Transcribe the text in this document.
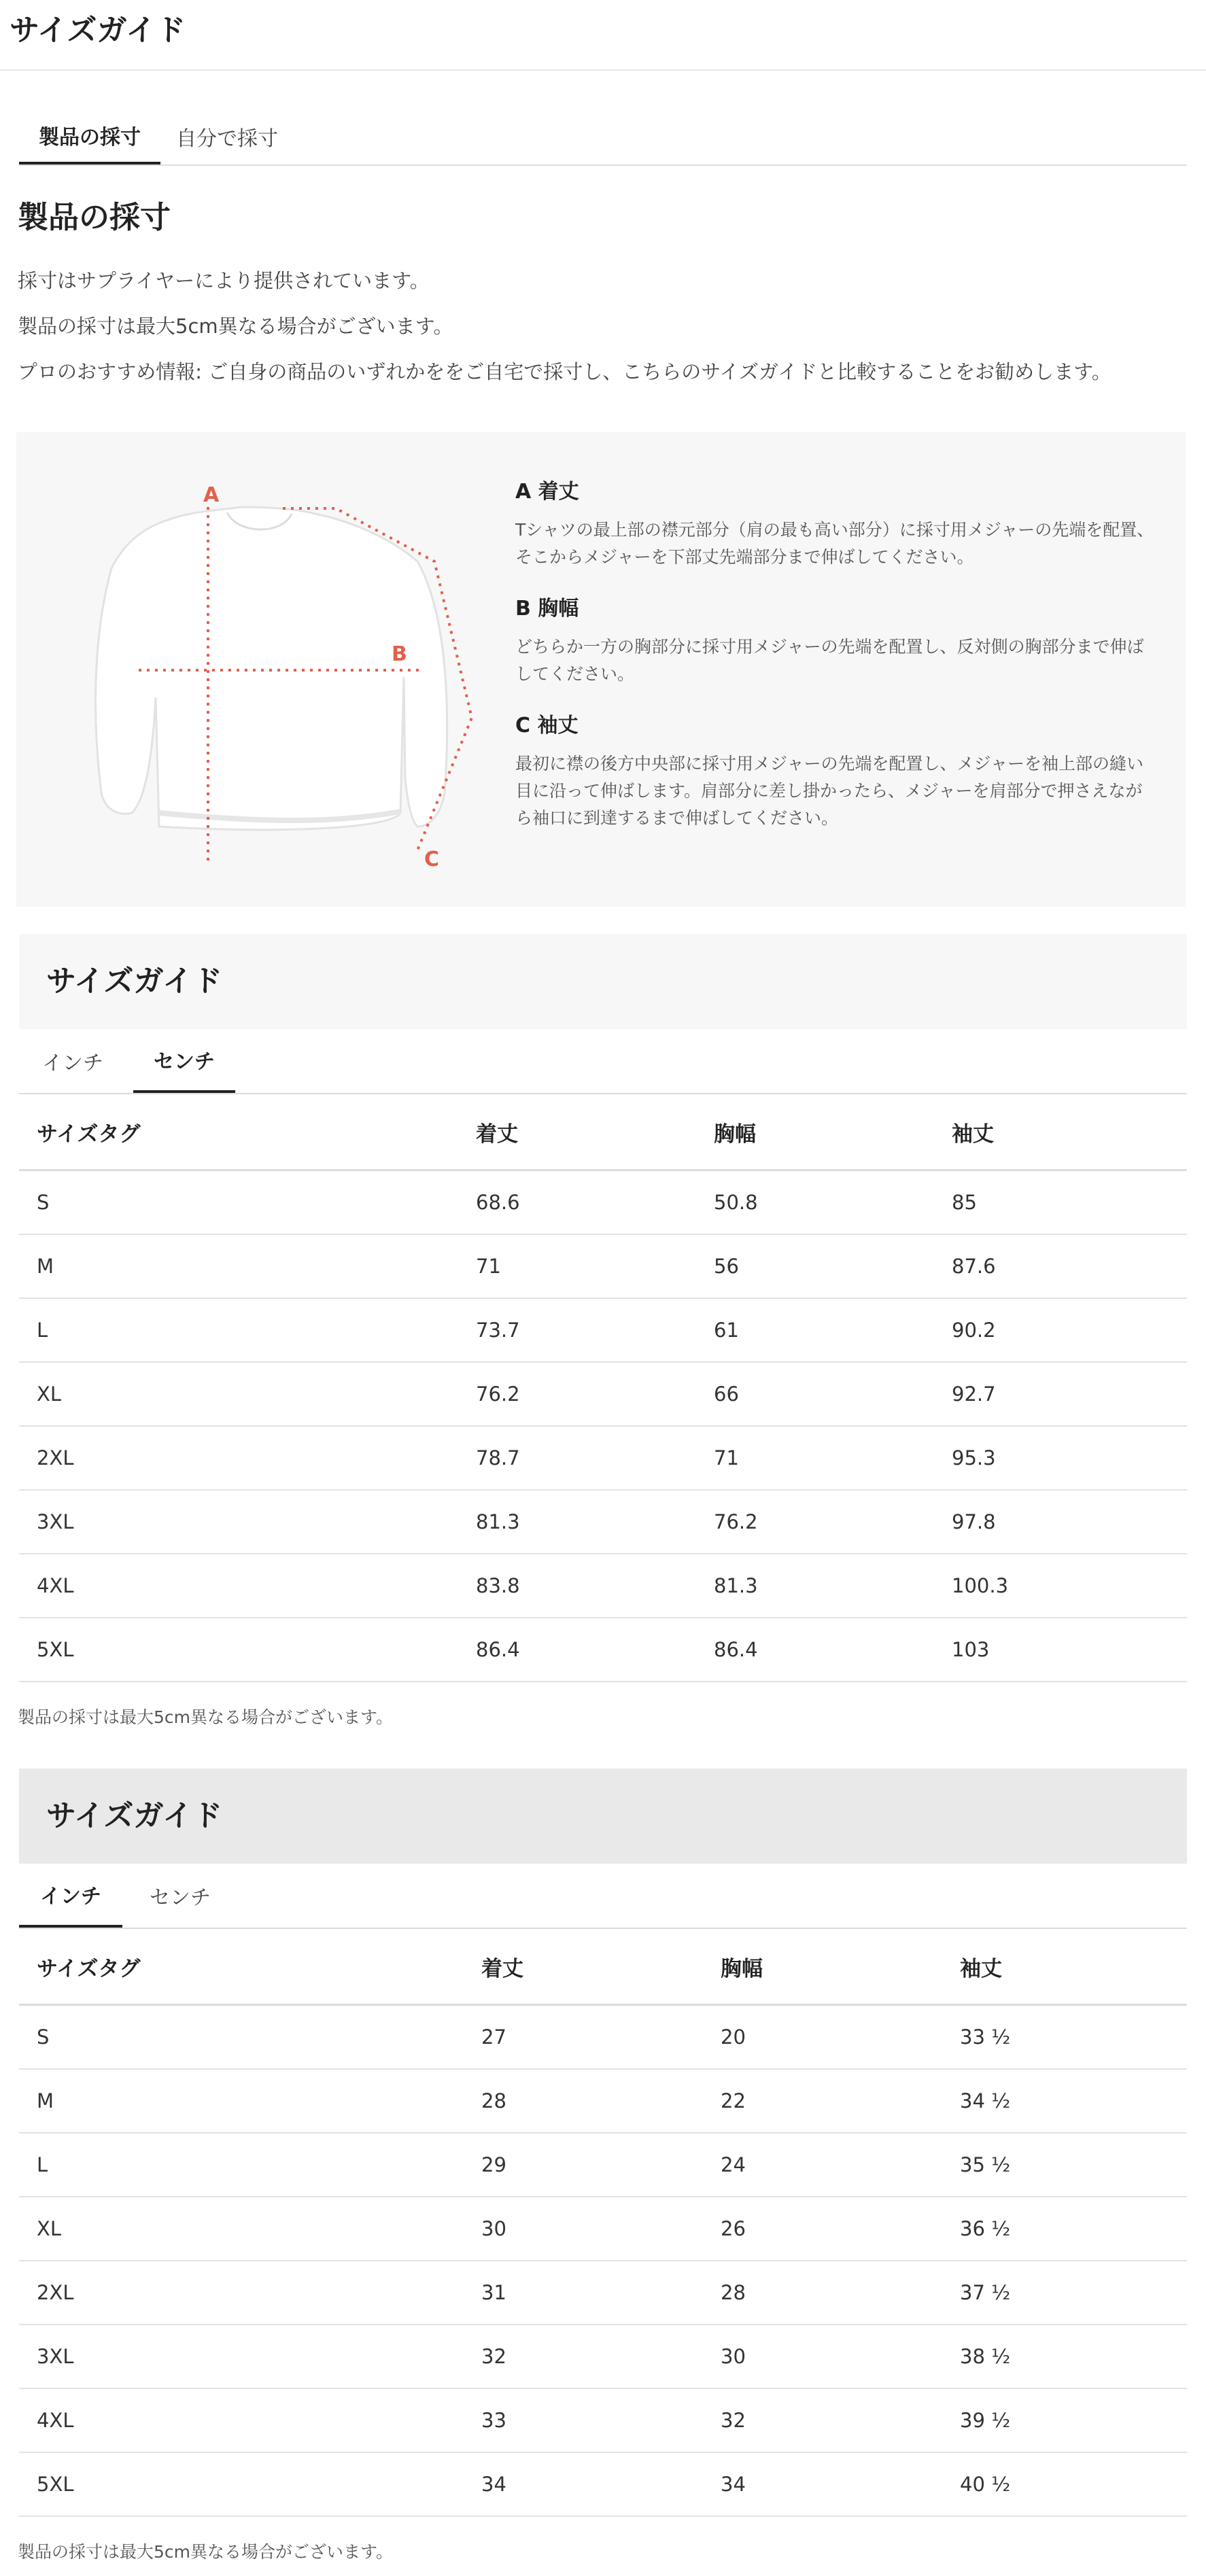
サイズガイド
製品の採寸	自分で採寸
製品の採寸

採寸はサプライヤーにより提供されています。

製品の採寸は最大5cm異なる場合がございます。

プロのおすすめ情報: ご自身の商品のいずれかををご自宅で採寸し、こちらのサイズガイドと比較することをお勧めします。

A
B
C
A 着丈

Tシャツの最上部の襟元部分（肩の最も高い部分）に採寸用メジャーの先端を配置、そこからメジャーを下部丈先端部分まで伸ばしてください。

B 胸幅

どちらか一方の胸部分に採寸用メジャーの先端を配置し、反対側の胸部分まで伸ばしてください。

C 袖丈

最初に襟の後方中央部に採寸用メジャーの先端を配置し、メジャーを袖上部の縫い目に沿って伸ばします。肩部分に差し掛かったら、メジャーを肩部分で押さえながら袖口に到達するまで伸ばしてください。

サイズガイド
インチ	センチ
サイズタグ	着丈	胸幅	袖丈
S	68.6	50.8	85
M	71	56	87.6
L	73.7	61	90.2
XL	76.2	66	92.7
2XL	78.7	71	95.3
3XL	81.3	76.2	97.8
4XL	83.8	81.3	100.3
5XL	86.4	86.4	103

製品の採寸は最大5cm異なる場合がございます。

サイズガイド
インチ	センチ
サイズタグ	着丈	胸幅	袖丈
S	27	20	33 ½
M	28	22	34 ½
L	29	24	35 ½
XL	30	26	36 ½
2XL	31	28	37 ½
3XL	32	30	38 ½
4XL	33	32	39 ½
5XL	34	34	40 ½

製品の採寸は最大5cm異なる場合がございます。
